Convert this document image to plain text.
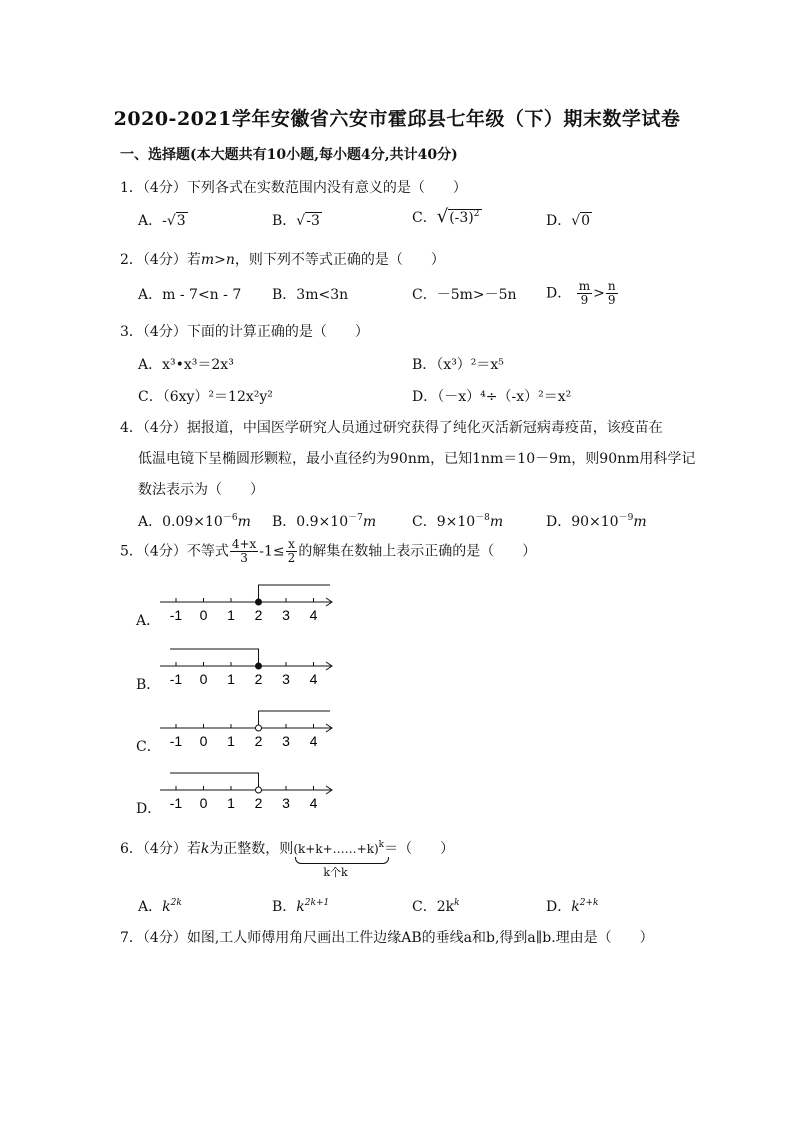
2020-2021学年安徽省六安市霍邱县七年级（下）期末数学试卷
一、选择题(本大题共有10小题,每小题4分,共计40分)
1．（4分）下列各式在实数范围内没有意义的是（　　）
A．-√3	B．√-3	C．$√(-3)^2$	D．√0
2．（4分）若m>n，则下列不等式正确的是（　　）
A．m - 7<n - 7 B．3m<3n	C．－5m>－5n D． $\frac{m}{9} > \frac{n}{9}$
3．（4分）下面的计算正确的是（　　）
A．x³•x³＝2x³	B．（x³）²＝x⁵
C．（6xy）²＝12x²y²	D．（－x）⁴÷（-x）²＝x²
4．（4分）据报道，中国医学研究人员通过研究获得了纯化灭活新冠病毒疫苗，该疫苗在
低温电镜下呈椭圆形颗粒，最小直径约为90nm，已知1nm＝10－9m，则90nm用科学记
数法表示为（　　）
A．$0.09\times 10^{-6}m$ B．$0.9\times 10^{-7}m$	C．$9\times 10^{-8}m$	D．$90\times 10^{-9}m$
5．（4分）不等式 $\frac{4+x}{3} -1\le \frac{x}{2}$ 的解集在数轴上表示正确的是（　　）
A． -1 0 1 2 3 4
B． -1 0 1 2 3 4
C． -1 0 1 2 3 4
D． -1 0 1 2 3 4
6．（4分）若k为正整数，则(k+k+……+k)
k个k
$^k$＝（　　）
A．$k^{2k}$	B．$k^{2k+1}$	C．$2k^k$	D．$k^{2+k}$
7．（4分）如图,工人师傅用角尺画出工件边缘AB的垂线a和b,得到a∥b.理由是（　　）
